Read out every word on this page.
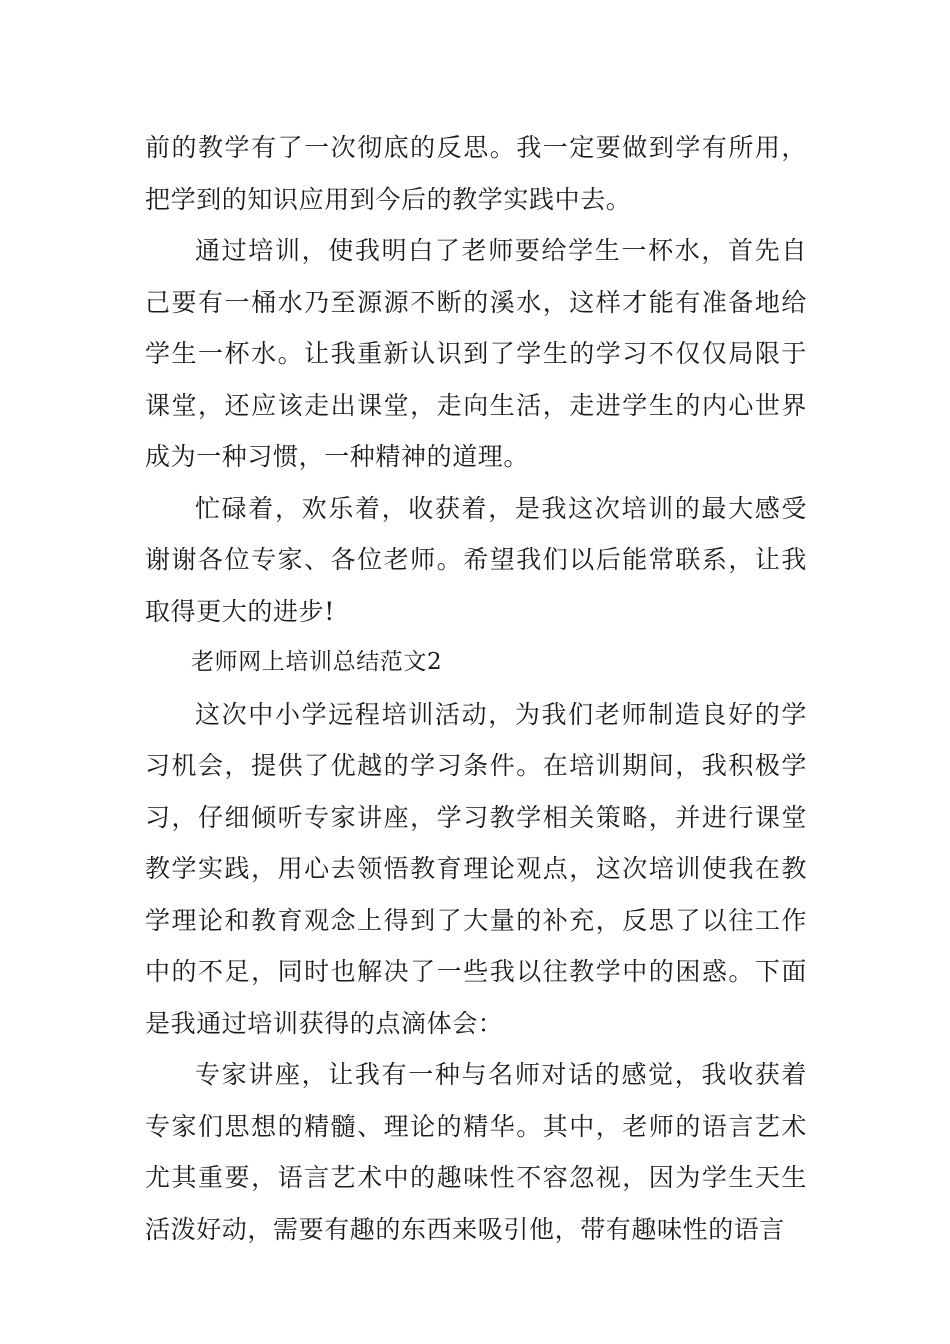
前的教学有了一次彻底的反思。我一定要做到学有所用，把学到的知识应用到今后的教学实践中去。

通过培训，使我明白了老师要给学生一杯水，首先自己要有一桶水乃至源源不断的溪水，这样才能有准备地给学生一杯水。让我重新认识到了学生的学习不仅仅局限于课堂，还应该走出课堂，走向生活，走进学生的内心世界成为一种习惯，一种精神的道理。

忙碌着，欢乐着，收获着，是我这次培训的最大感受谢谢各位专家、各位老师。希望我们以后能常联系，让我取得更大的进步!

老师网上培训总结范文2

这次中小学远程培训活动，为我们老师制造良好的学习机会，提供了优越的学习条件。在培训期间，我积极学习，仔细倾听专家讲座，学习教学相关策略，并进行课堂教学实践，用心去领悟教育理论观点，这次培训使我在教学理论和教育观念上得到了大量的补充，反思了以往工作中的不足，同时也解决了一些我以往教学中的困惑。下面是我通过培训获得的点滴体会：

专家讲座，让我有一种与名师对话的感觉，我收获着专家们思想的精髓、理论的精华。其中，老师的语言艺术尤其重要，语言艺术中的趣味性不容忽视，因为学生天生活泼好动，需要有趣的东西来吸引他，带有趣味性的语言
